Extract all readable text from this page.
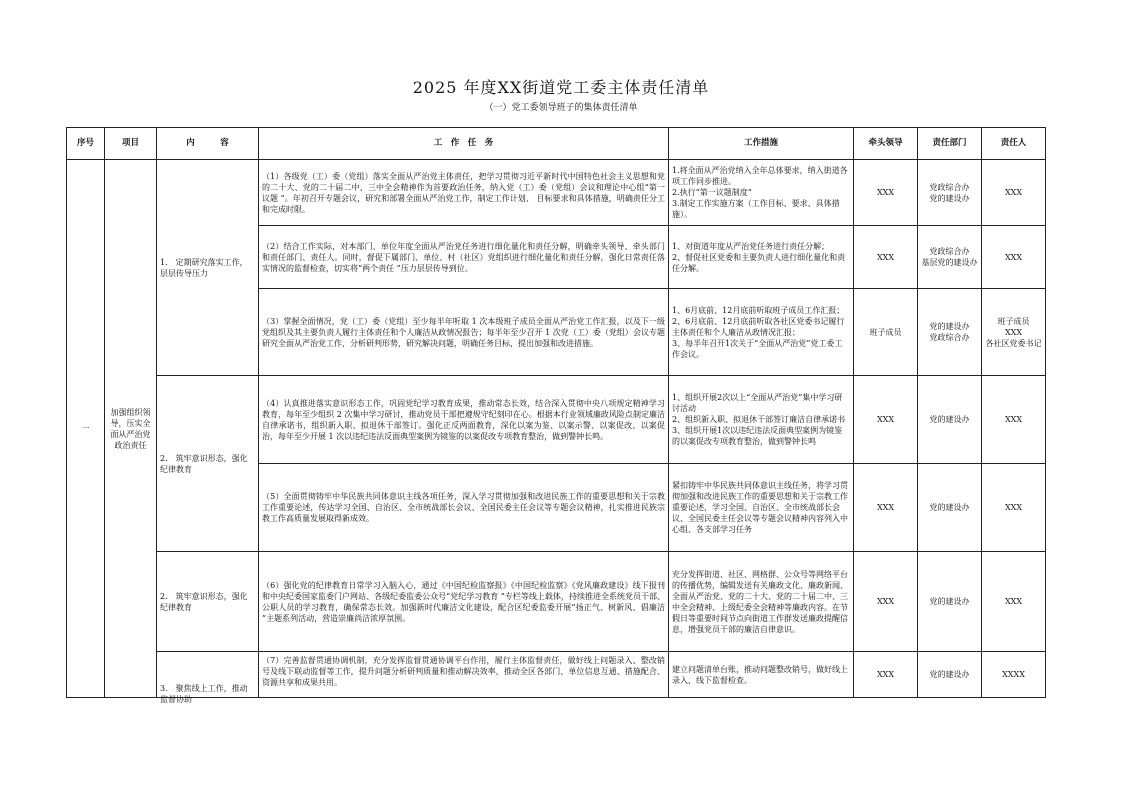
2025 年度XX街道党工委主体责任清单
（一）党工委领导班子的集体责任清单
序号	项目	内　　　容	工　作　任　务	工作措施	牵头领导	责任部门	责任人
一	加强组织领导，压实全面从严治党政治责任	1.　定期研究落实工作，层层传导压力	（1）各级党（工）委（党组）落实全面从严治党主体责任，把学习贯彻习近平新时代中国特色社会主义思想和党的二十大、党的二十届二中、三中全会精神作为首要政治任务，纳入党（工）委（党组）会议和理论中心组“第一议题 ”。年初召开专题会议，研究和部署全面从严治党工作，制定工作计划、 目标要求和具体措施，明确责任分工和完成时限。	1.将全面从严治党纳入全年总体要求，纳入街道各项工作同步推进。
2.执行“第一议题制度”
3.制定工作实施方案（工作目标、要求、具体措施）。	XXX	党政综合办
党的建设办	XXX
			（2）结合工作实际，对本部门、单位年度全面从严治党任务进行细化量化和责任分解，明确牵头领导、牵头部门和责任部门、责任人。同时，督促下属部门、单位、村（社区）党组织进行细化量化和责任分解，强化日常责任落实情况的监督检查，切实将“两个责任 ”压力层层传导到位。	1、对街道年度从严治党任务进行责任分解；
2、督促社区党委和主要负责人进行细化量化和责任分解。	XXX	党政综合办
基层党的建设办	XXX
			（3）掌握全面情况，党（工）委（党组）至少每半年听取 1 次本级班子成员全面从严治党工作汇报，以及下一级党组织及其主要负责人履行主体责任和个人廉洁从政情况报告；每半年至少召开 1 次党（工）委（党组）会议专题研究全面从严治党工作，分析研判形势，研究解决问题，明确任务目标，提出加强和改进措施。	1、6月底前、12月底前听取班子成员工作汇报；
2、6月底前、12月底前听取各社区党委书记履行主体责任和个人廉洁从政情况汇报；
3、每半年召开1次关于“全面从严治党”党工委工作会议。	班子成员	党的建设办
党政综合办	班子成员
XXX
各社区党委书记
		2.　筑牢意识形态，强化纪律教育	（4）认真推进落实意识形态工作，巩固党纪学习教育成果，推动常态长效，结合深入贯彻中央八项规定精神学习教育，每年至少组织 2 次集中学习研讨，推动党员干部把遵规守纪刻印在心。根据本行业领域廉政风险点制定廉洁自律承诺书，组织新入职、拟退休干部签订。强化正反两面教育，深化以案为鉴、以案示警、以案促改、以案促治，每年至少开展 1 次以违纪违法反面典型案例为镜鉴的以案促改专项教育整治，做到警钟长鸣。	1、组织开展2次以上“全面从严治党”集中学习研讨活动
2、组织新入职、拟退休干部签订廉洁自律承诺书
3、组织开展1次以违纪违法反面典型案例为镜鉴的以案促改专项教育整治，做到警钟长鸣	XXX	党的建设办	XXX
			（5）全面贯彻铸牢中华民族共同体意识主线各项任务，深入学习贯彻加强和改进民族工作的重要思想和关于宗教工作重要论述，传达学习全国、自治区、全市统战部长会议、全国民委主任会议等专题会议精神，扎实推进民族宗教工作高质量发展取得新成效。	紧扣铸牢中华民族共同体意识主线任务，将学习贯彻加强和改进民族工作的重要思想和关于宗教工作重要论述，学习全国、自治区、全市统战部长会议、全国民委主任会议等专题会议精神内容列入中心组、各支部学习任务	XXX	党的建设办	XXX
		2.　筑牢意识形态，强化纪律教育	（6）强化党的纪律教育日常学习入脑入心，通过《中国纪检监察报》《中国纪检监察》《党风廉政建设》线下报刊和中央纪委国家监委门户网站、各级纪委监委公众号“党纪学习教育 ”专栏等线上载体，持续推进全系统党员干部、公职人员的学习教育，确保常态长效。加强新时代廉洁文化建设，配合区纪委监委开展“扬正气、树新风、倡廉洁 ”主题系列活动，营造崇廉尚洁浓厚氛围。	充分发挥街道、社区、网格群、公众号等网络平台的传播优势，编辑发送有关廉政文化、廉政新闻、全面从严治党、党的二十大、党的二十届二中、三中全会精神、上级纪委全会精神等廉政内容。在节假日等重要时间节点向街道工作群发送廉政提醒信息，增强党员干部的廉洁自律意识。	XXX	党的建设办	XXX

		3.　聚焦线上工作，推动监督协助	（7）完善监督贯通协调机制，充分发挥监督贯通协调平台作用，履行主体监督责任，做好线上问题录入、整改销号及线下联动监督等工作，提升问题分析研判质量和推动解决效率，推动全区各部门、单位信息互通、措施配合、资源共享和成果共用。	建立问题清单台账，推动问题整改销号，做好线上录入，线下监督检查。	XXX	党的建设办	XXXX
